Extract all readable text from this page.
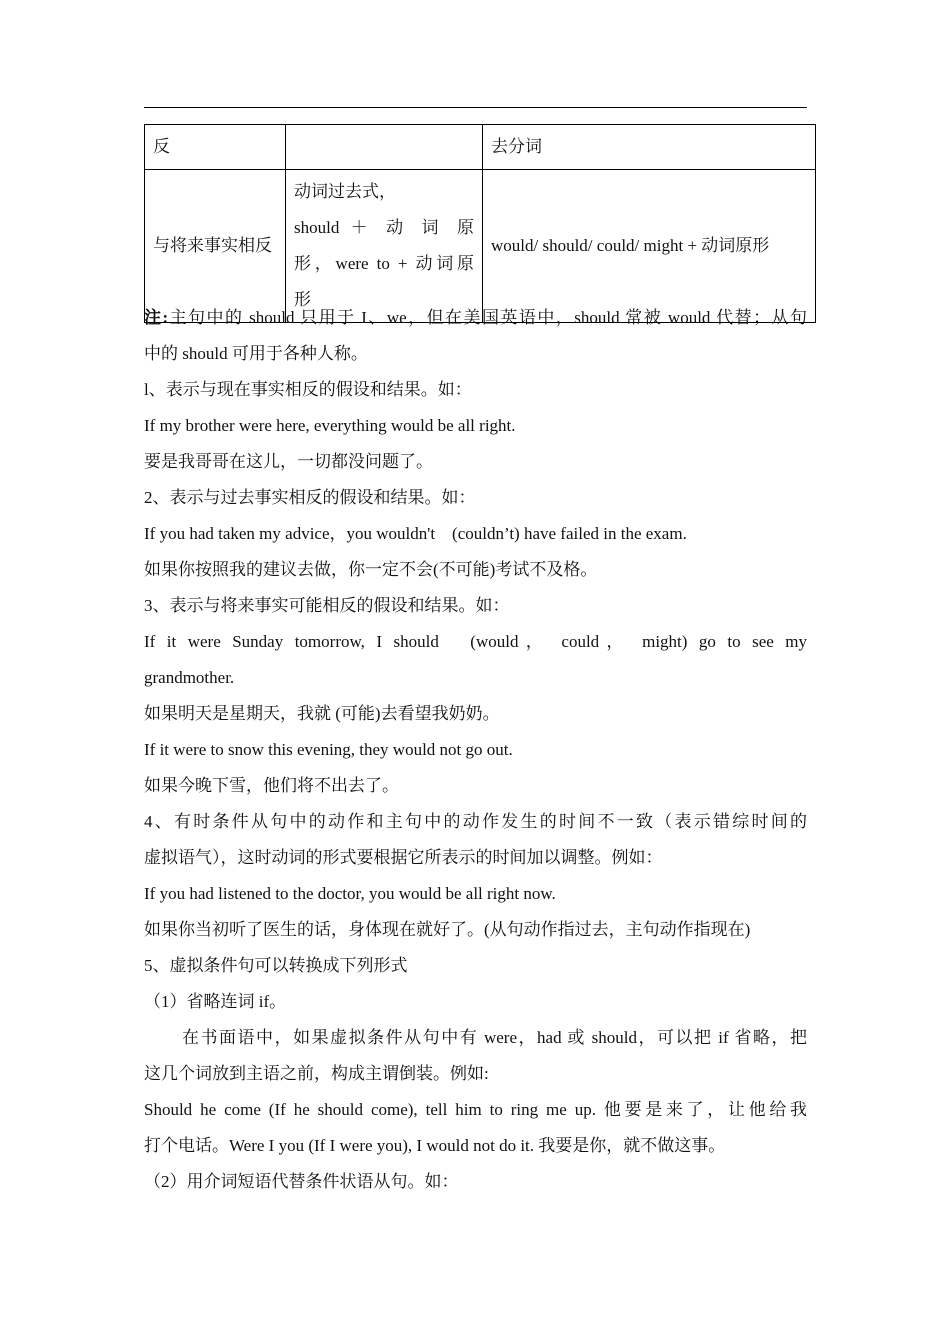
反		去分词
与将来事实相反	动词过去式，
should ＋ 动 词 原
形，were to + 动词原
形	would/ should/ could/ might + 动词原形

注:主句中的 should 只用于 I、we，但在美国英语中，should 常被 would 代替；从句

中的 should 可用于各种人称。

l、表示与现在事实相反的假设和结果。如：

If my brother were here, everything would be all right.

要是我哥哥在这儿，一切都没问题了。

2、表示与过去事实相反的假设和结果。如：

If you had taken my advice，you wouldn't　(couldn’t) have failed in the exam.

如果你按照我的建议去做，你一定不会(不可能)考试不及格。

3、表示与将来事实可能相反的假设和结果。如：

If it were Sunday tomorrow, I should　(would， could， might) go to see my

grandmother.

如果明天是星期天，我就 (可能)去看望我奶奶。

If it were to snow this evening, they would not go out.

如果今晚下雪，他们将不出去了。

4、有时条件从句中的动作和主句中的动作发生的时间不一致（表示错综时间的

虚拟语气），这时动词的形式要根据它所表示的时间加以调整。例如：

If you had listened to the doctor, you would be all right now.

如果你当初听了医生的话，身体现在就好了。(从句动作指过去，主句动作指现在)

5、虚拟条件句可以转换成下列形式

（1）省略连词 if。

在书面语中，如果虚拟条件从句中有 were，had 或 should，可以把 if 省略，把

这几个词放到主语之前，构成主谓倒装。例如:

Should he come (If he should come), tell him to ring me up. 他要是来了，让他给我

打个电话。Were I you (If I were you), I would not do it. 我要是你，就不做这事。

（2）用介词短语代替条件状语从句。如：
